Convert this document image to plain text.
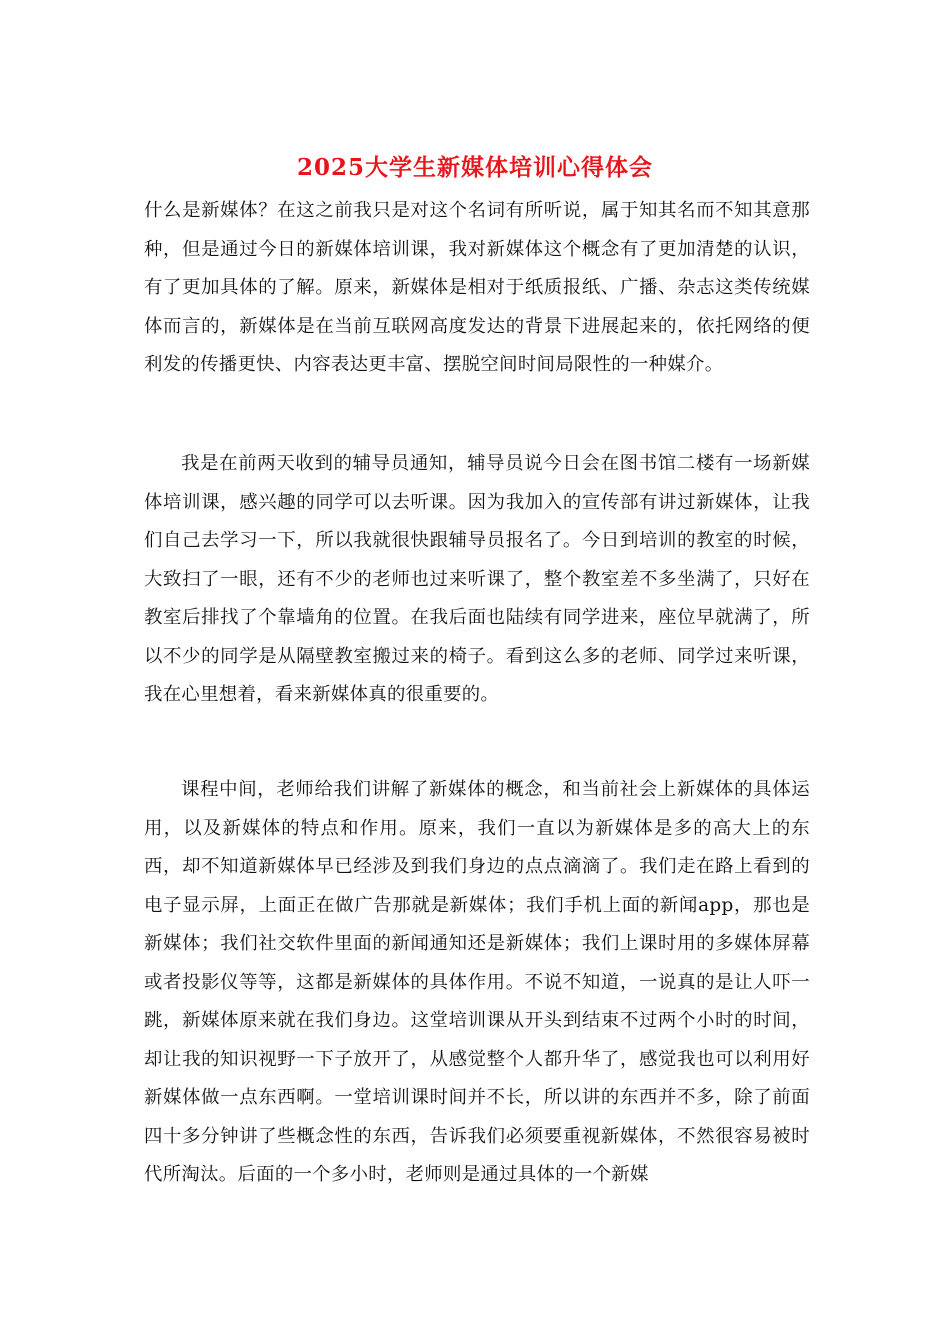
2025大学生新媒体培训心得体会
什么是新媒体？在这之前我只是对这个名词有所听说，属于知其名而不知其意那种，但是通过今日的新媒体培训课，我对新媒体这个概念有了更加清楚的认识，有了更加具体的了解。原来，新媒体是相对于纸质报纸、广播、杂志这类传统媒体而言的，新媒体是在当前互联网高度发达的背景下进展起来的，依托网络的便利发的传播更快、内容表达更丰富、摆脱空间时间局限性的一种媒介。
我是在前两天收到的辅导员通知，辅导员说今日会在图书馆二楼有一场新媒体培训课，感兴趣的同学可以去听课。因为我加入的宣传部有讲过新媒体，让我们自己去学习一下，所以我就很快跟辅导员报名了。今日到培训的教室的时候，大致扫了一眼，还有不少的老师也过来听课了，整个教室差不多坐满了，只好在教室后排找了个靠墙角的位置。在我后面也陆续有同学进来，座位早就满了，所以不少的同学是从隔壁教室搬过来的椅子。看到这么多的老师、同学过来听课，我在心里想着，看来新媒体真的很重要的。
课程中间，老师给我们讲解了新媒体的概念，和当前社会上新媒体的具体运用，以及新媒体的特点和作用。原来，我们一直以为新媒体是多的高大上的东西，却不知道新媒体早已经涉及到我们身边的点点滴滴了。我们走在路上看到的电子显示屏，上面正在做广告那就是新媒体；我们手机上面的新闻app，那也是新媒体；我们社交软件里面的新闻通知还是新媒体；我们上课时用的多媒体屏幕或者投影仪等等，这都是新媒体的具体作用。不说不知道，一说真的是让人吓一跳，新媒体原来就在我们身边。这堂培训课从开头到结束不过两个小时的时间，却让我的知识视野一下子放开了，从感觉整个人都升华了，感觉我也可以利用好新媒体做一点东西啊。一堂培训课时间并不长，所以讲的东西并不多，除了前面四十多分钟讲了些概念性的东西，告诉我们必须要重视新媒体，不然很容易被时代所淘汰。后面的一个多小时，老师则是通过具体的一个新媒
